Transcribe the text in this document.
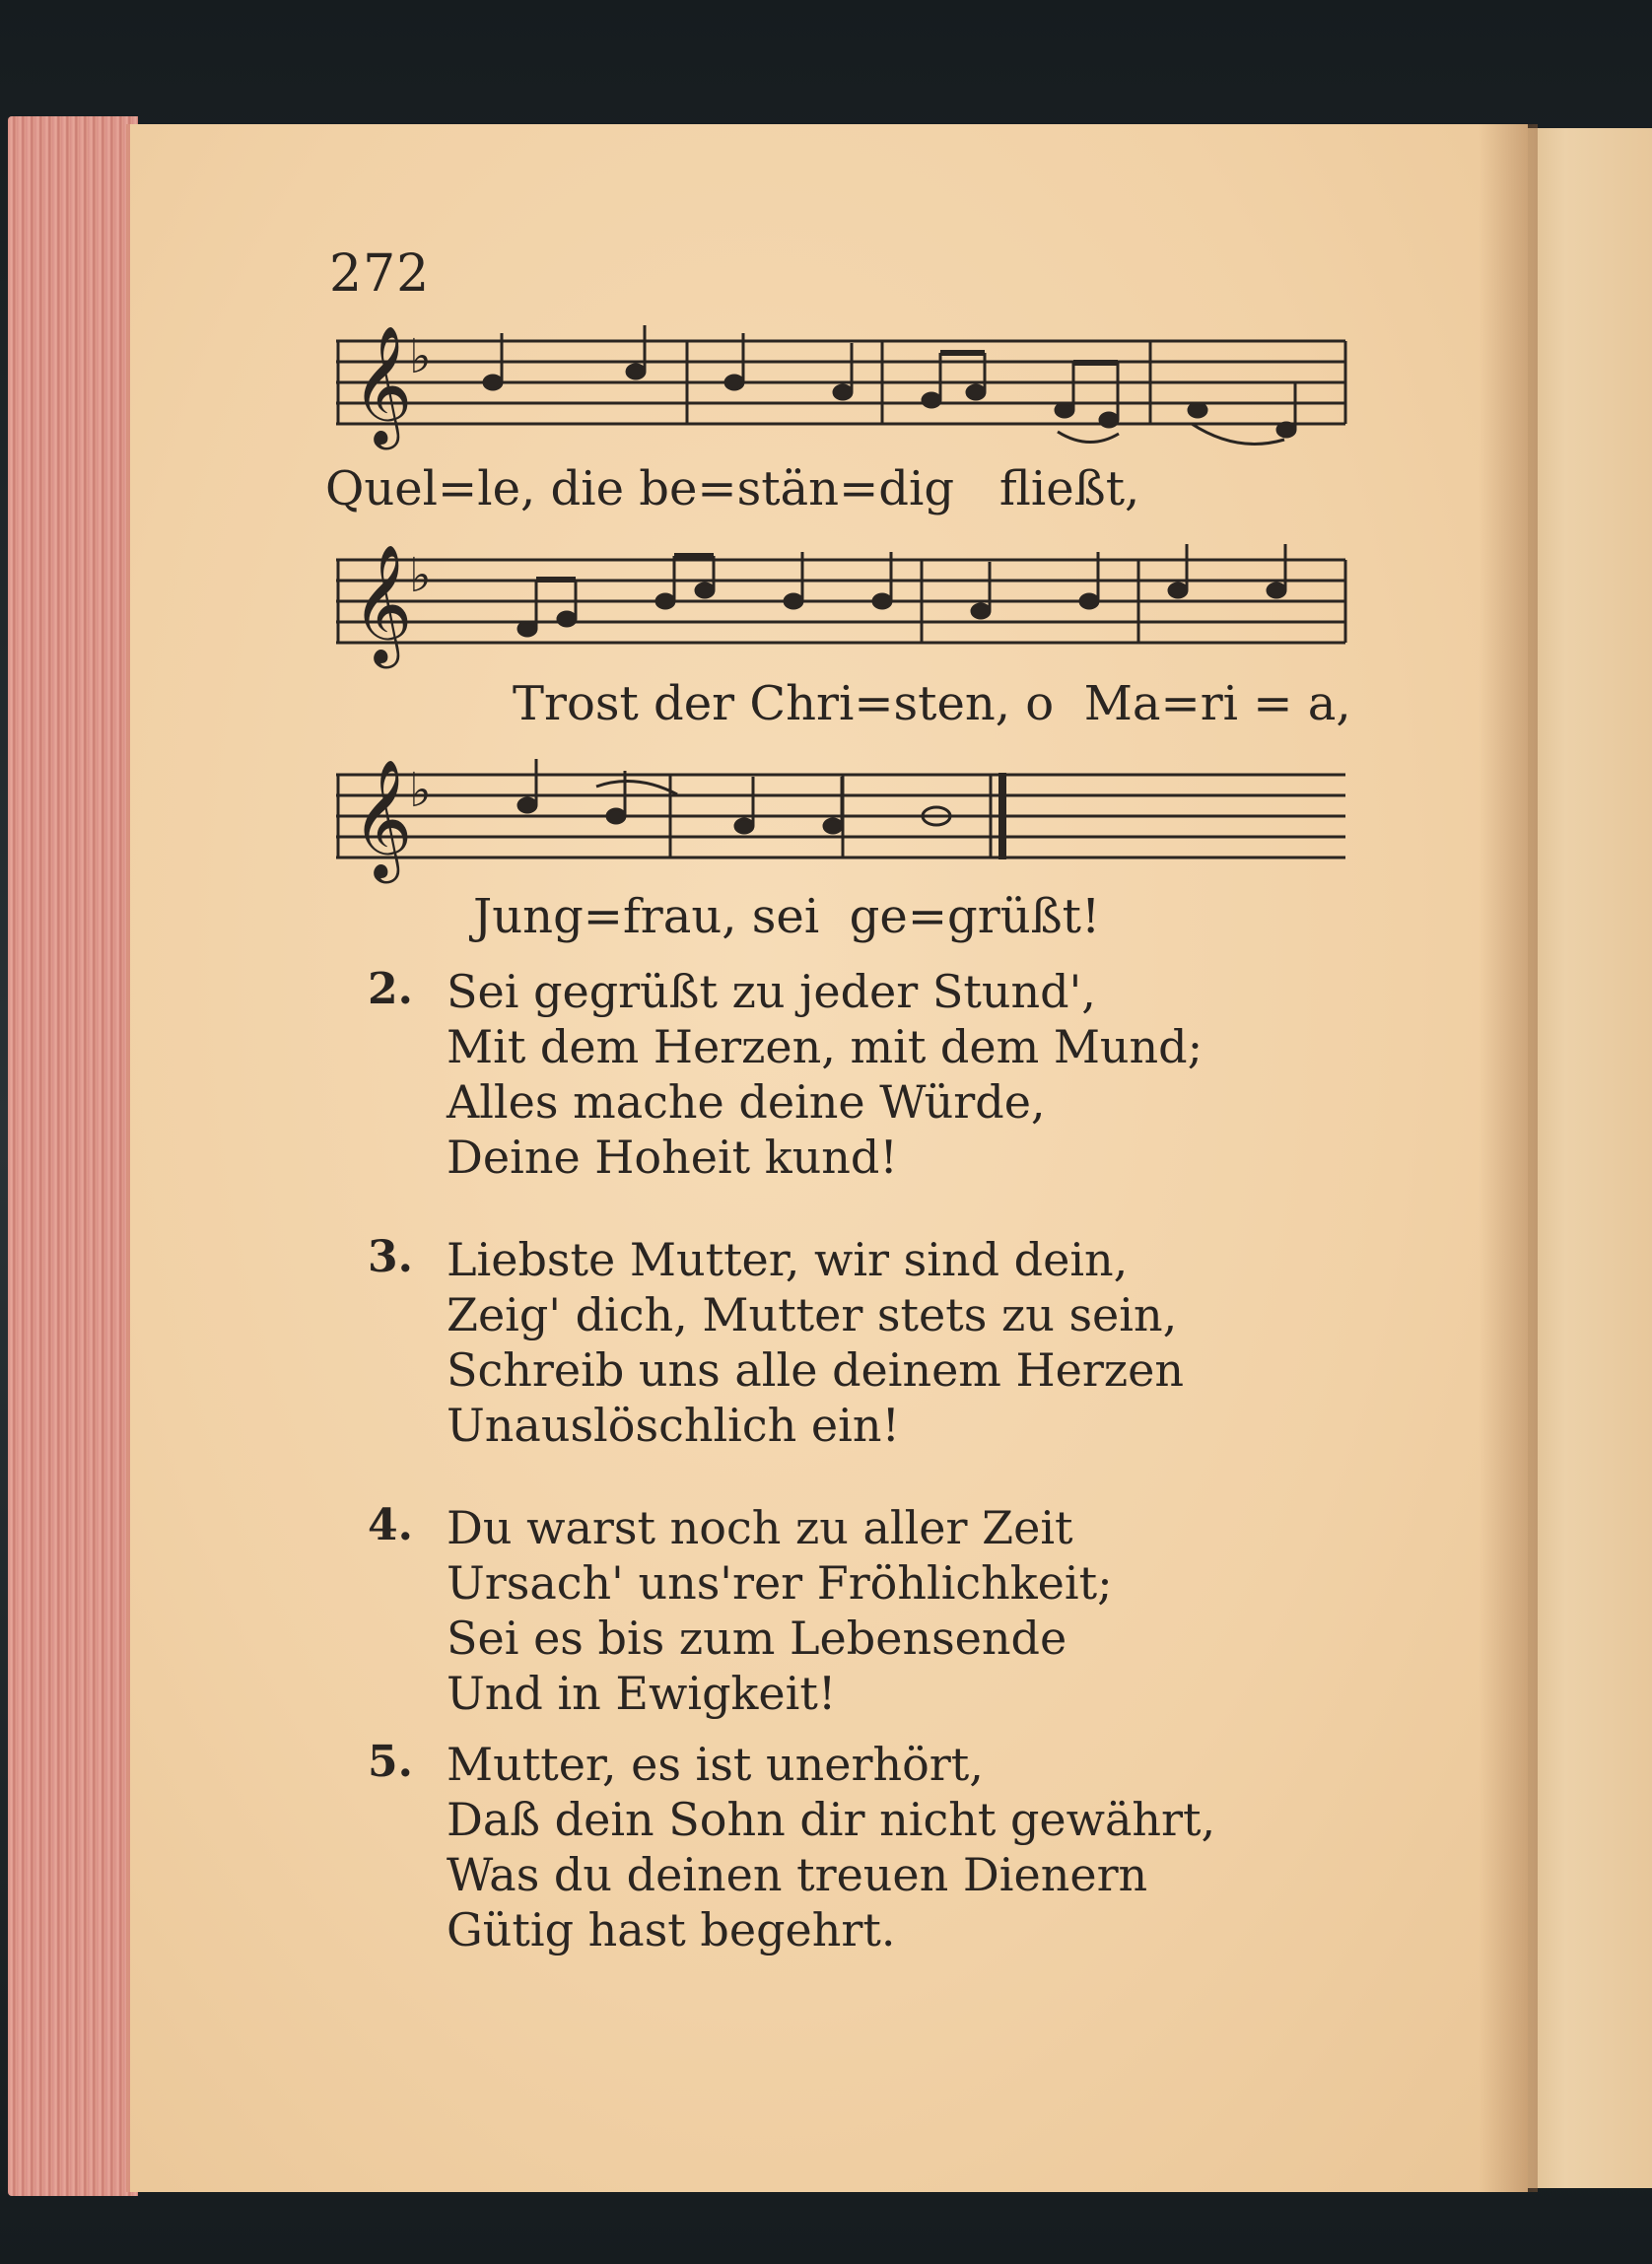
272
𝄞
♭
Quel=le, die be=stän=dig   fließt,
𝄞
♭
Trost der Chri=sten, o  Ma=ri = a,
𝄞
♭
Jung=frau, sei  ge=grüßt!
2. Sei gegrüßt zu jeder Stund',
Mit dem Herzen, mit dem Mund;
Alles mache deine Würde,
Deine Hoheit kund!
3. Liebste Mutter, wir sind dein,
Zeig' dich, Mutter stets zu sein,
Schreib uns alle deinem Herzen
Unauslöschlich ein!
4. Du warst noch zu aller Zeit
Ursach' uns'rer Fröhlichkeit;
Sei es bis zum Lebensende
Und in Ewigkeit!
5. Mutter, es ist unerhört,
Daß dein Sohn dir nicht gewährt,
Was du deinen treuen Dienern
Gütig hast begehrt.
